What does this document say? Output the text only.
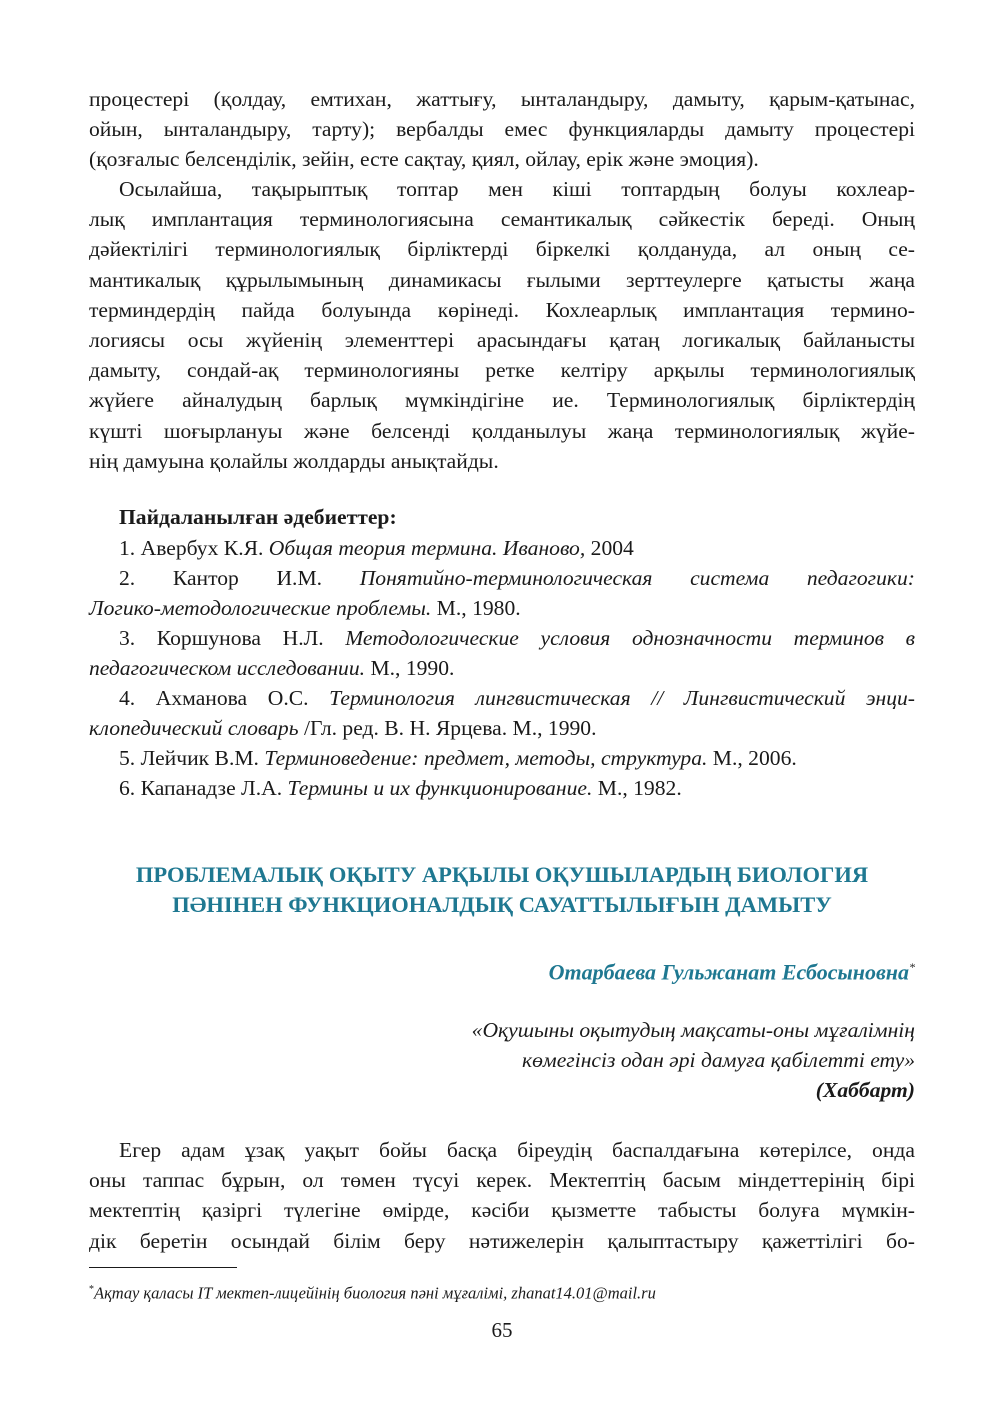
процестері (қолдау, емтихан, жаттығу, ынталандыру, дамыту, қарым-қатынас,

ойын, ынталандыру, тарту); вербалды емес функцияларды дамыту процестері

(қозғалыс белсенділік, зейін, есте сақтау, қиял, ойлау, ерік және эмоция).

Осылайша, тақырыптық топтар мен кіші топтардың болуы кохлеар-

лық имплантация терминологиясына семантикалық сәйкестік береді. Оның

дәйектілігі терминологиялық бірліктерді біркелкі қолдануда, ал оның се-

мантикалық құрылымының динамикасы ғылыми зерттеулерге қатысты жаңа

терминдердің пайда болуында көрінеді. Кохлеарлық имплантация термино-

логиясы осы жүйенің элементтері арасындағы қатаң логикалық байланысты

дамыту, сондай-ақ терминологияны ретке келтіру арқылы терминологиялық

жүйеге айналудың барлық мүмкіндігіне ие. Терминологиялық бірліктердің

күшті шоғырлануы және белсенді қолданылуы жаңа терминологиялық жүйе-

нің дамуына қолайлы жолдарды анықтайды.

Пайдаланылған әдебиеттер:

1. Авербух К.Я. Общая теория термина. Иваново, 2004
2. Кантор И.М. Понятийно-терминологическая система педагогики:
Логико-методологические проблемы. М., 1980.
3. Коршунова Н.Л. Методологические условия однозначности терминов в
педагогическом исследовании. М., 1990.
4. Ахманова О.С. Терминология лингвистическая // Лингвистический энци-
клопедический словарь /Гл. ред. В. Н. Ярцева. М., 1990.
5. Лейчик В.М. Терминоведение: предмет, методы, структура. М., 2006.
6. Капанадзе Л.А. Термины и их функционирование. М., 1982.
ПРОБЛЕМАЛЫҚ ОҚЫТУ АРҚЫЛЫ ОҚУШЫЛАРДЫҢ БИОЛОГИЯ
ПӘНІНЕН ФУНКЦИОНАЛДЫҚ САУАТТЫЛЫҒЫН ДАМЫТУ

Отарбаева Гульжанат Есбосыновна*

«Оқушыны оқытудың мақсаты-оны мұғалімнің
көмегінсіз одан әрі дамуға қабілетті ету»
(Хаббарт)

Егер адам ұзақ уақыт бойы басқа біреудің баспалдағына көтерілсе, онда

оны таппас бұрын, ол төмен түсуі керек. Мектептің басым міндеттерінің бірі

мектептің қазіргі түлегіне өмірде, кәсіби қызметте табысты болуға мүмкін-

дік беретін осындай білім беру нәтижелерін қалыптастыру қажеттілігі бо-

*Ақтау қаласы IT мектеп-лицейінің биология пәні мұғалімі, zhanat14.01@mail.ru

65
